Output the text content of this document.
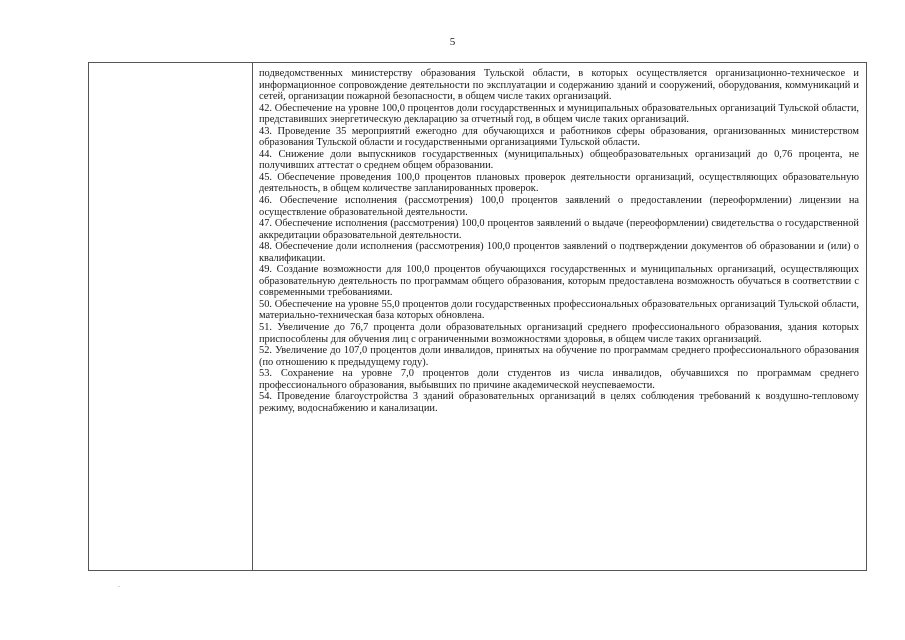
5

подведомственных министерству образования Тульской области, в которых осуществляется организационно-техническое и информационное сопровождение деятельности по эксплуатации и содержанию зданий и сооружений, оборудования, коммуникаций и сетей, организации пожарной безопасности, в общем числе таких организаций.

42. Обеспечение на уровне 100,0 процентов доли государственных и муниципальных образовательных организаций Тульской области, представивших энергетическую декларацию за отчетный год, в общем числе таких организаций.

43. Проведение 35 мероприятий ежегодно для обучающихся и работников сферы образования, организованных министерством образования Тульской области и государственными организациями Тульской области.

44. Снижение доли выпускников государственных (муниципальных) общеобразовательных организаций до 0,76 процента, не получивших аттестат о среднем общем образовании.

45. Обеспечение проведения 100,0 процентов плановых проверок деятельности организаций, осуществляющих образовательную деятельность, в общем количестве запланированных проверок.

46. Обеспечение исполнения (рассмотрения) 100,0 процентов заявлений о предоставлении (переоформлении) лицензии на осуществление образовательной деятельности.

47. Обеспечение исполнения (рассмотрения) 100,0 процентов заявлений о выдаче (переоформлении) свидетельства о государственной аккредитации образовательной деятельности.

48. Обеспечение доли исполнения (рассмотрения) 100,0 процентов заявлений о подтверждении документов об образовании и (или) о квалификации.

49. Создание возможности для 100,0 процентов обучающихся государственных и муниципальных организаций, осуществляющих образовательную деятельность по программам общего образования, которым предоставлена возможность обучаться в соответствии с современными требованиями.

50. Обеспечение на уровне 55,0 процентов доли государственных профессиональных образовательных организаций Тульской области, материально-техническая база которых обновлена.

51. Увеличение до 76,7 процента доли образовательных организаций среднего профессионального образования, здания которых приспособлены для обучения лиц с ограниченными возможностями здоровья, в общем числе таких организаций.

52. Увеличение до 107,0 процентов доли инвалидов, принятых на обучение по программам среднего профессионального образования (по отношению к предыдущему году).

53. Сохранение на уровне 7,0 процентов доли студентов из числа инвалидов, обучавшихся по программам среднего профессионального образования, выбывших по причине академической неуспеваемости.

54. Проведение благоустройства 3 зданий образовательных организаций в целях соблюдения требований к воздушно-тепловому режиму, водоснабжению и канализации.

.
